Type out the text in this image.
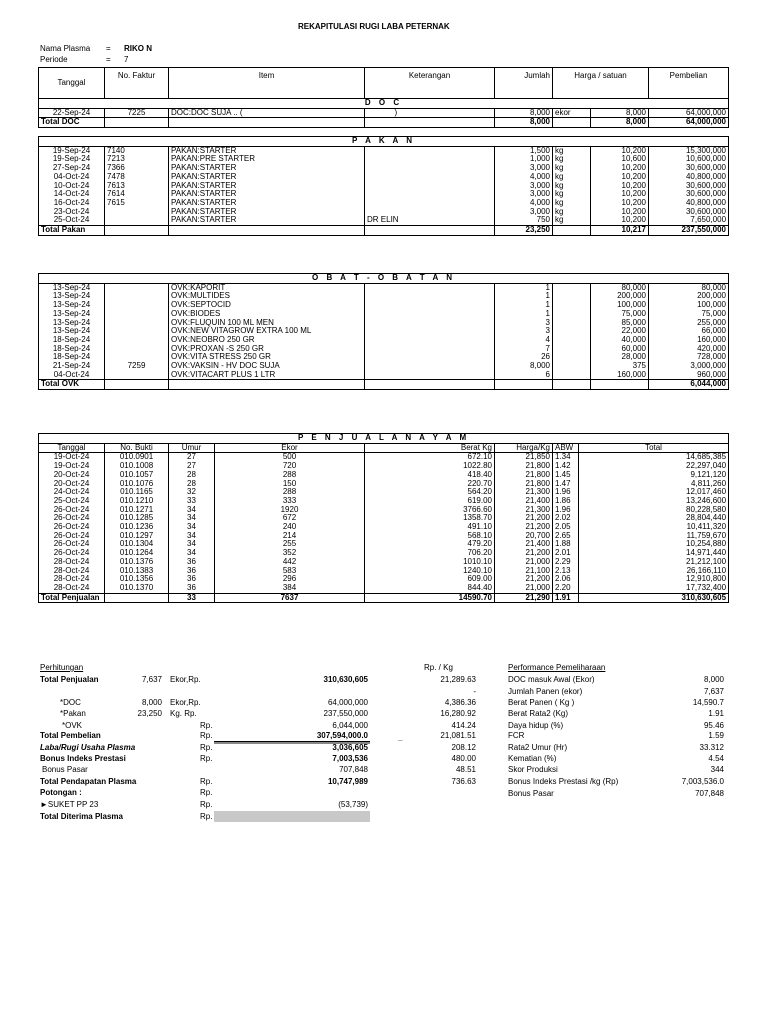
REKAPITULASI RUGI LABA PETERNAK
Nama Plasma = RIKO N
Periode	= 7
Tanggal	No. Faktur	Item	Keterangan	Jumlah	Harga / satuan		Pembelian
D O C							
22-Sep-24	7225	DOC:DOC SUJA .. ( )		8,000	ekor	8,000	64,000,000
Total DOC				8,000		8,000	64,000,000
P A K A N							
19-Sep-24	7140	PAKAN:STARTER		1,500	kg	10,200	15,300,000
19-Sep-24	7213	PAKAN:PRE STARTER		1,000	kg	10,600	10,600,000
27-Sep-24	7366	PAKAN:STARTER		3,000	kg	10,200	30,600,000
04-Oct-24	7478	PAKAN:STARTER		4,000	kg	10,200	40,800,000
10-Oct-24	7613	PAKAN:STARTER		3,000	kg	10,200	30,600,000
14-Oct-24	7614	PAKAN:STARTER		3,000	kg	10,200	30,600,000
16-Oct-24	7615	PAKAN:STARTER		4,000	kg	10,200	40,800,000
23-Oct-24		PAKAN:STARTER		3,000	kg	10,200	30,600,000
25-Oct-24		PAKAN:STARTER	DR ELIN	750	kg	10,200	7,650,000
Total Pakan				23,250		10,217	237,550,000
O B A T - O B A T A N							
13-Sep-24		OVK:KAPORIT		1		80,000	80,000
13-Sep-24		OVK:MULTIDES		1		200,000	200,000
13-Sep-24		OVK:SEPTOCID		1		100,000	100,000
13-Sep-24		OVK:BIODES		1		75,000	75,000
13-Sep-24		OVK:FLUQUIN 100 ML MEN		3		85,000	255,000
13-Sep-24		OVK:NEW VITAGROW EXTRA 100 ML		3		22,000	66,000
18-Sep-24		OVK:NEOBRO 250 GR		4		40,000	160,000
18-Sep-24		OVK:PROXAN -S 250 GR		7		60,000	420,000
18-Sep-24		OVK:VITA STRESS 250 GR		26		28,000	728,000
21-Sep-24	7259	OVK:VAKSIN - HV DOC SUJA		8,000		375	3,000,000
04-Oct-24		OVK:VITACART PLUS 1 LTR		6		160,000	960,000
Total OVK							6,044,000
P E N J U A L A N A Y A M							
Tanggal	No. Bukti	Umur	Ekor	Berat Kg	Harga/Kg	ABW	Total
19-Oct-24	010.0901	27	500	672.10	21,850	1.34	14,685,385
19-Oct-24	010.1008	27	720	1022.80	21,800	1.42	22,297,040
20-Oct-24	010.1057	28	288	418.40	21,800	1.45	9,121,120
20-Oct-24	010.1076	28	150	220.70	21,800	1.47	4,811,260
24-Oct-24	010.1165	32	288	564.20	21,300	1.96	12,017,460
25-Oct-24	010.1210	33	333	619.00	21,400	1.86	13,246,600
26-Oct-24	010.1271	34	1920	3766.60	21,300	1.96	80,228,580
26-Oct-24	010.1285	34	672	1358.70	21,200	2.02	28,804,440
26-Oct-24	010.1236	34	240	491.10	21,200	2.05	10,411,320
26-Oct-24	010.1297	34	214	568.10	20,700	2.65	11,759,670
26-Oct-24	010.1304	34	255	479.20	21,400	1.88	10,254,880
26-Oct-24	010.1264	34	352	706.20	21,200	2.01	14,971,440
28-Oct-24	010.1376	36	442	1010.10	21,000	2.29	21,212,100
28-Oct-24	010.1383	36	583	1240.10	21,100	2.13	26,166,110
28-Oct-24	010.1356	36	296	609.00	21,200	2.06	12,910,800
28-Oct-24	010.1370	36	384	844.40	21,000	2.20	17,732,400
Total Penjualan		33	7637	14590.70	21,290	1.91	310,630,605
Perhitungan	Rp. / Kg
Total Penjualan	7,637 Ekor,Rp.	310,630,605	21,289.63
-
*DOC	8,000 Ekor,Rp.	64,000,000	4,386.36
*Pakan	23,250 Kg. Rp.	237,550,000	16,280.92
*OVK	Rp.	6,044,000	414.24
Total Pembelian	Rp.	307,594,000.0	21,081.51
_
Laba/Rugi Usaha Plasma	Rp.	3,036,605	208.12
Bonus Indeks Prestasi	Rp.	7,003,536	480.00
Bonus Pasar	707,848	48.51
Total Pendapatan Plasma	Rp.	10,747,989	736.63
Potongan :	Rp.
►SUKET PP 23	Rp.	(53,739)
Total Diterima Plasma	Rp.
Performance Pemeliharaan
DOC masuk Awal (Ekor)	8,000
Jumlah Panen (ekor)	7,637
Berat Panen ( Kg )	14,590.7
Berat Rata2 (Kg)	1.91
Daya hidup (%)	95.46
FCR	1.59
Rata2 Umur (Hr)	33.312
Kematian (%)	4.54
Skor Produksi	344
Bonus Indeks Prestasi /kg (Rp)	7,003,536.0
Bonus Pasar	707,848
